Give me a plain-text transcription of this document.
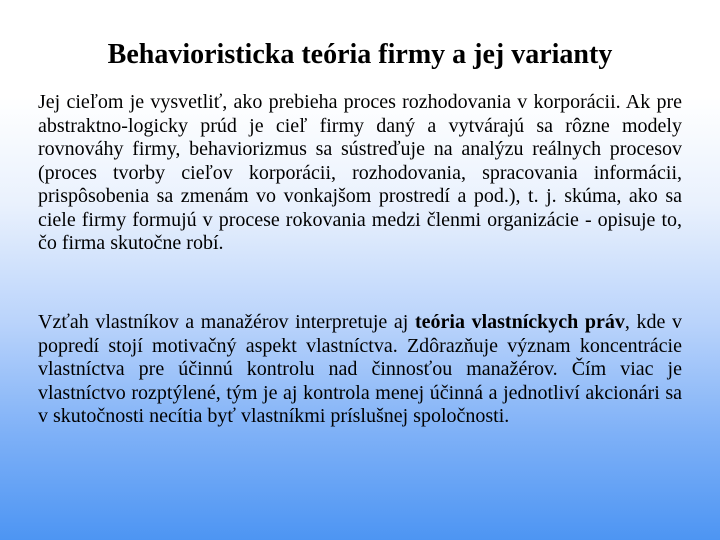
Behavioristicka teória firmy a jej varianty

Jej cieľom je vysvetliť, ako prebieha proces rozhodovania v korporácii. Ak pre abstraktno-logicky prúd je cieľ firmy daný a vytvárajú sa rôzne modely rovnováhy firmy, behaviorizmus sa sústreďuje na analýzu reálnych procesov (proces tvorby cieľov korporácii, rozhodovania, spracovania informácii, prispôsobenia sa zmenám vo vonkajšom prostredí a pod.), t. j. skúma, ako sa ciele firmy formujú v procese rokovania medzi členmi organizácie - opisuje to, čo firma skutočne robí.

Vzťah vlastníkov a manažérov interpretuje aj teória vlastníckych práv, kde v popredí stojí motivačný aspekt vlastníctva. Zdôrazňuje význam koncentrácie vlastníctva pre účinnú kontrolu nad činnosťou manažérov. Čím viac je vlastníctvo rozptýlené, tým je aj kontrola menej účinná a jednotliví akcionári sa v skutočnosti necítia byť vlastníkmi príslušnej spoločnosti.
